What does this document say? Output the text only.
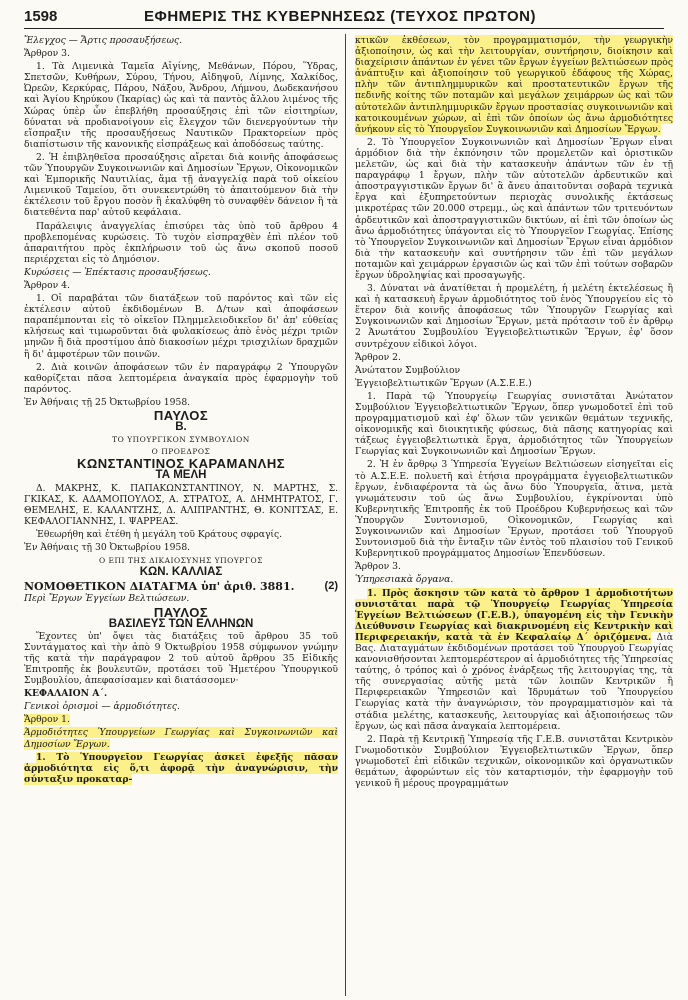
1598	ΕΦΗΜΕΡΙΣ ΤΗΣ ΚΥΒΕΡΝΗΣΕΩΣ (ΤΕΥΧΟΣ ΠΡΩΤΟΝ)

Ἔλεγχος — Ἄρτις προσαυξήσεως.

Ἄρθρον 3.

1. Τὰ Λιμενικὰ Ταμεῖα Αἰγίνης, Μεθάνων, Πόρου, Ὕδρας, Σπετσῶν, Κυθήρων, Σύρου, Τήνου, Αἰδηψοῦ, Λίμνης, Χαλκίδος, Ὠρεῶν, Κερκύρας, Πάρου, Νάξου, Ἄνδρου, Λήμνου, Δωδεκανήσου καὶ Ἁγίου Κηρύκου (Ἰκαρίας) ὡς καὶ τὰ παντὸς ἄλλου λιμένος τῆς Χώρας ὑπὲρ ὧν ἐπεβλήθη προσαύξησις ἐπὶ τῶν εἰσιτηρίων, δύναται νὰ προδιανοίγουν εἰς ἔλεγχον τῶν διενεργούντων τὴν εἴσπραξιν τῆς προσαυξήσεως Ναυτικῶν Πρακτορείων πρὸς διαπίστωσιν τῆς κανονικῆς εἰσπράξεως καὶ ἀποδόσεως ταύτης.

2. Ἡ ἐπιβληθεῖσα προσαύξησις αἴρεται διὰ κοινῆς ἀποφάσεως τῶν Ὑπουργῶν Συγκοινωνιῶν καὶ Δημοσίων Ἔργων, Οἰκονομικῶν καὶ Ἐμπορικῆς Ναυτιλίας, ἅμα τῇ ἀναγγελίᾳ παρὰ τοῦ οἰκείου Λιμενικοῦ Ταμείου, ὅτι συνεκεντρώθη τὸ ἀπαιτούμενον διὰ τὴν ἐκτέλεσιν τοῦ ἔργου ποσὸν ἢ ἐκαλύφθη τὸ συναφθὲν δάνειον ἢ τὰ διατεθέντα παρ' αὐτοῦ κεφάλαια.

Παράλειψις ἀναγγελίας ἐπισύρει τὰς ὑπὸ τοῦ ἄρθρου 4 προβλεπομένας κυρώσεις. Τὸ τυχὸν εἰσπραχθὲν ἐπὶ πλέον τοῦ ἀπαραιτήτου πρὸς ἐκπλήρωσιν τοῦ ὡς ἄνω σκοποῦ ποσοῦ περιέρχεται εἰς τὸ Δημόσιον.

Κυρώσεις — Ἐπέκτασις προσαυξήσεως.

Ἄρθρον 4.

1. Οἱ παραβάται τῶν διατάξεων τοῦ παρόντος καὶ τῶν εἰς ἐκτέλεσιν αὐτοῦ ἐκδιδομένων Β. Δ/των καὶ ἀποφάσεων παραπέμπονται εἰς τὸ οἰκεῖον Πλημμελειοδικεῖον δι' ἀπ' εὐθείας κλήσεως καὶ τιμωροῦνται διὰ φυλακίσεως ἀπὸ ἑνὸς μέχρι τριῶν μηνῶν ἢ διὰ προστίμου ἀπὸ διακοσίων μέχρι τρισχιλίων δραχμῶν ἢ δι' ἀμφοτέρων τῶν ποινῶν.

2. Διὰ κοινῶν ἀποφάσεων τῶν ἐν παραγράφῳ 2 Ὑπουργῶν καθορίζεται πᾶσα λεπτομέρεια ἀναγκαία πρὸς ἐφαρμογὴν τοῦ παρόντος.

Ἐν Ἀθήναις τῇ 25 Ὀκτωβρίου 1958.

ΠΑΥΛΟΣ
Β.
ΤΟ ΥΠΟΥΡΓΙΚΟΝ ΣΥΜΒΟΥΛΙΟΝ
Ο ΠΡΟΕΔΡΟΣ
ΚΩΝΣΤΑΝΤΙΝΟΣ ΚΑΡΑΜΑΝΛΗΣ
ΤΑ ΜΕΛΗ

Δ. ΜΑΚΡΗΣ, Κ. ΠΑΠΑΚΩΝΣΤΑΝΤΙΝΟΥ, Ν. ΜΑΡΤΗΣ, Σ. ΓΚΙΚΑΣ, Κ. ΑΔΑΜΟΠΟΥΛΟΣ, Α. ΣΤΡΑΤΟΣ, Α. ΔΗΜΗΤΡΑΤΟΣ, Γ. ΘΕΜΕΛΗΣ, Ε. ΚΑΛΑΝΤΖΗΣ, Δ. ΑΛΙΠΡΑΝΤΗΣ, Θ. ΚΟΝΙΤΣΑΣ, Ε. ΚΕΦΑΛΟΓΙΑΝΝΗΣ, Ι. ΨΑΡΡΕΑΣ.

Ἐθεωρήθη καὶ ἐτέθη ἡ μεγάλη τοῦ Κράτους σφραγίς.

Ἐν Ἀθήναις τῇ 30 Ὀκτωβρίου 1958.

Ο ΕΠΙ ΤΗΣ ΔΙΚΑΙΟΣΥΝΗΣ ΥΠΟΥΡΓΟΣ
ΚΩΝ. ΚΑΛΛΙΑΣ
ΝΟΜΟΘΕΤΙΚΟΝ ΔΙΑΤΑΓΜΑ ὑπ' ἀριθ. 3881.	(2)

Περὶ Ἔργων Ἐγγείων Βελτιώσεων.

ΠΑΥΛΟΣ
ΒΑΣΙΛΕΥΣ ΤΩΝ ΕΛΛΗΝΩΝ

Ἔχοντες ὑπ' ὄψει τὰς διατάξεις τοῦ ἄρθρου 35 τοῦ Συντάγματος καὶ τὴν ἀπὸ 9 Ὀκτωβρίου 1958 σύμφωνον γνώμην τῆς κατὰ τὴν παράγραφον 2 τοῦ αὐτοῦ ἄρθρου 35 Εἰδικῆς Ἐπιτροπῆς ἐκ βουλευτῶν, προτάσει τοῦ Ἡμετέρου Ὑπουργικοῦ Συμβουλίου, ἀπεφασίσαμεν καὶ διατάσσομεν·

ΚΕΦΑΛΑΙΟΝ Α΄.

Γενικοὶ ὁρισμοὶ — ἁρμοδιότητες.

Ἄρθρον 1.

Ἁρμοδιότητες Ὑπουργείων Γεωργίας καὶ Συγκοινωνιῶν καὶ Δημοσίων Ἔργων.

1. Τὸ Ὑπουργεῖον Γεωργίας ἀσκεῖ ἐφεξῆς πᾶσαν ἁρμοδιότητα εἰς ὅ,τι ἀφορᾷ τὴν ἀναγνώρισιν, τὴν σύνταξιν προκαταρ-

κτικῶν ἐκθέσεων, τὸν προγραμματισμόν, τὴν γεωργικὴν ἀξιοποίησιν, ὡς καὶ τὴν λειτουργίαν, συντήρησιν, διοίκησιν καὶ διαχείρισιν ἁπάντων ἐν γένει τῶν ἔργων ἐγγείων βελτιώσεων πρὸς ἀνάπτυξιν καὶ ἀξιοποίησιν τοῦ γεωργικοῦ ἐδάφους τῆς Χώρας, πλὴν τῶν ἀντιπλημμυρικῶν καὶ προστατευτικῶν ἔργων τῆς πεδινῆς κοίτης τῶν ποταμῶν καὶ μεγάλων χειμάρρων ὡς καὶ τῶν αὐτοτελῶν ἀντιπλημμυρικῶν ἔργων προστασίας συγκοινωνιῶν καὶ κατοικουμένων χώρων, αἱ ἐπὶ τῶν ὁποίων ὡς ἄνω ἁρμοδιότητες ἀνήκουν εἰς τὸ Ὑπουργεῖον Συγκοινωνιῶν καὶ Δημοσίων Ἔργων.

2. Τὸ Ὑπουργεῖον Συγκοινωνιῶν καὶ Δημοσίων Ἔργων εἶναι ἁρμόδιον διὰ τὴν ἐκπόνησιν τῶν προμελετῶν καὶ ὁριστικῶν μελετῶν, ὡς καὶ διὰ τὴν κατασκευὴν ἁπάντων τῶν ἐν τῇ παραγράφῳ 1 ἔργων, πλὴν τῶν αὐτοτελῶν ἀρδευτικῶν καὶ ἀποστραγγιστικῶν ἔργων δι' ἃ ἄνευ ἀπαιτοῦνται σοβαρὰ τεχνικὰ ἔργα καὶ ἐξυπηρετούντων περιοχὰς συνολικῆς ἐκτάσεως μικροτέρας τῶν 20.000 στρεμμ., ὡς καὶ ἁπάντων τῶν τριτευόντων ἀρδευτικῶν καὶ ἀποστραγγιστικῶν δικτύων, αἱ ἐπὶ τῶν ὁποίων ὡς ἄνω ἁρμοδιότητες ὑπάγονται εἰς τὸ Ὑπουργεῖον Γεωργίας. Ἐπίσης τὸ Ὑπουργεῖον Συγκοινωνιῶν καὶ Δημοσίων Ἔργων εἶναι ἁρμόδιον διὰ τὴν κατασκευὴν καὶ συντήρησιν τῶν ἐπὶ τῶν μεγάλων ποταμῶν καὶ χειμάρρων ἐργασιῶν ὡς καὶ τῶν ἐπὶ τούτων σοβαρῶν ἔργων ὑδροληψίας καὶ προσαγωγῆς.

3. Δύναται νὰ ἀνατίθεται ἡ προμελέτη, ἡ μελέτη ἐκτελέσεως ἢ καὶ ἡ κατασκευὴ ἔργων ἁρμοδιότητος τοῦ ἑνὸς Ὑπουργείου εἰς τὸ ἕτερον διὰ κοινῆς ἀποφάσεως τῶν Ὑπουργῶν Γεωργίας καὶ Συγκοινωνιῶν καὶ Δημοσίων Ἔργων, μετὰ πρότασιν τοῦ ἐν ἄρθρῳ 2 Ἀνωτάτου Συμβουλίου Ἐγγειοβελτιωτικῶν Ἔργων, ἐφ' ὅσον συντρέχουν εἰδικοὶ λόγοι.

Ἄρθρον 2.

Ἀνώτατον Συμβούλιον

Ἐγγειοβελτιωτικῶν Ἔργων (Α.Σ.Ε.Ε.)

1. Παρὰ τῷ Ὑπουργείῳ Γεωργίας συνιστᾶται Ἀνώτατον Συμβούλιον Ἐγγειοβελτιωτικῶν Ἔργων, ὅπερ γνωμοδοτεῖ ἐπὶ τοῦ προγραμματισμοῦ καὶ ἐφ' ὅλων τῶν γενικῶν θεμάτων τεχνικῆς, οἰκονομικῆς καὶ διοικητικῆς φύσεως, διὰ πᾶσης κατηγορίας καὶ τάξεως ἐγγειοβελτιωτικὰ ἔργα, ἁρμοδιότητος τῶν Ὑπουργείων Γεωργίας καὶ Συγκοινωνιῶν καὶ Δημοσίων Ἔργων.

2. Ἡ ἐν ἄρθρῳ 3 Ὑπηρεσία Ἐγγείων Βελτιώσεων εἰσηγεῖται εἰς τὸ Α.Σ.Ε.Ε. πολυετῆ καὶ ἐτήσια προγράμματα ἐγγειοβελτιωτικῶν ἔργων, ἐνδιαφέροντα τὰ ὡς ἄνω δύο Ὑπουργεῖα, ἅτινα, μετὰ γνωμάτευσιν τοῦ ὡς ἄνω Συμβουλίου, ἐγκρίνονται ὑπὸ Κυβερνητικῆς Ἐπιτροπῆς ἐκ τοῦ Προέδρου Κυβερνήσεως καὶ τῶν Ὑπουργῶν Συντονισμοῦ, Οἰκονομικῶν, Γεωργίας καὶ Συγκοινωνιῶν καὶ Δημοσίων Ἔργων, προτάσει τοῦ Ὑπουργοῦ Συντονισμοῦ διὰ τὴν ἔνταξιν τῶν ἐντὸς τοῦ πλαισίου τοῦ Γενικοῦ Κυβερνητικοῦ προγράμματος Δημοσίων Ἐπενδύσεων.

Ἄρθρον 3.

Ὑπηρεσιακὰ ὄργανα.

1. Πρὸς ἄσκησιν τῶν κατὰ τὸ ἄρθρον 1 ἁρμοδιοτήτων συνιστᾶται παρὰ τῷ Ὑπουργείῳ Γεωργίας Ὑπηρεσία Ἐγγείων Βελτιώσεων (Γ.Ε.Β.), ὑπαγομένη εἰς τὴν Γενικὴν Διεύθυνσιν Γεωργίας καὶ διακρινομένη εἰς Κεντρικὴν καὶ Περιφερειακήν, κατὰ τὰ ἐν Κεφαλαίῳ Δ΄ ὁριζόμενα. Διὰ Βας. Διαταγμάτων ἐκδιδομένων προτάσει τοῦ Ὑπουργοῦ Γεωργίας κανονισθήσονται λεπτομερέστερον αἱ ἁρμοδιότητες τῆς Ὑπηρεσίας ταύτης, ὁ τρόπος καὶ ὁ χρόνος ἐνάρξεως τῆς λειτουργίας της, τὰ τῆς συνεργασίας αὐτῆς μετὰ τῶν λοιπῶν Κεντρικῶν ἢ Περιφερειακῶν Ὑπηρεσιῶν καὶ Ἱδρυμάτων τοῦ Ὑπουργείου Γεωργίας κατὰ τὴν ἀναγνώρισιν, τὸν προγραμματισμὸν καὶ τὰ στάδια μελέτης, κατασκευῆς, λειτουργίας καὶ ἀξιοποιήσεως τῶν ἔργων, ὡς καὶ πᾶσα ἀναγκαία λεπτομέρεια.

2. Παρὰ τῇ Κεντρικῇ Ὑπηρεσίᾳ τῆς Γ.Ε.Β. συνιστᾶται Κεντρικὸν Γνωμοδοτικὸν Συμβούλιον Ἐγγειοβελτιωτικῶν Ἔργων, ὅπερ γνωμοδοτεῖ ἐπὶ εἰδικῶν τεχνικῶν, οἰκονομικῶν καὶ ὀργανωτικῶν θεμάτων, ἀφορώντων εἰς τὸν καταρτισμόν, τὴν ἐφαρμογὴν τοῦ γενικοῦ ἢ μέρους προγραμμάτων
